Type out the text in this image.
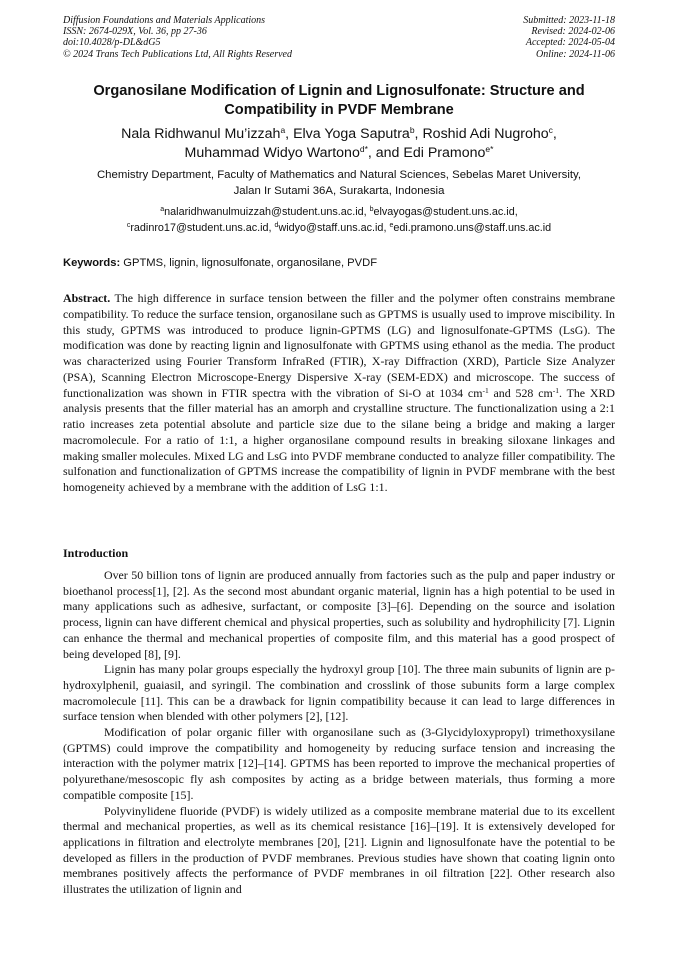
Diffusion Foundations and Materials Applications
ISSN: 2674-029X, Vol. 36, pp 27-36
doi:10.4028/p-DL&dG5
© 2024 Trans Tech Publications Ltd, All Rights Reserved
Submitted: 2023-11-18
Revised: 2024-02-06
Accepted: 2024-05-04
Online: 2024-11-06
Organosilane Modification of Lignin and Lignosulfonate: Structure and Compatibility in PVDF Membrane
Nala Ridhwanul Mu’izzah$^a$, Elva Yoga Saputra$^b$, Roshid Adi Nugroho$^c$,
Muhammad Widyo Wartono$^{d*}$, and Edi Pramono$^{e*}$
Chemistry Department, Faculty of Mathematics and Natural Sciences, Sebelas Maret University,
Jalan Ir Sutami 36A, Surakarta, Indonesia
$^a$nalaridhwanulmuizzah@student.uns.ac.id, $^b$elvayogas@student.uns.ac.id,
$^c$radinro17@student.uns.ac.id, $^d$widyo@staff.uns.ac.id, $^e$edi.pramono.uns@staff.uns.ac.id
Keywords: GPTMS, lignin, lignosulfonate, organosilane, PVDF
Abstract. The high difference in surface tension between the filler and the polymer often constrains membrane compatibility. To reduce the surface tension, organosilane such as GPTMS is usually used to improve miscibility. In this study, GPTMS was introduced to produce lignin-GPTMS (LG) and lignosulfonate-GPTMS (LsG). The modification was done by reacting lignin and lignosulfonate with GPTMS using ethanol as the media. The product was characterized using Fourier Transform InfraRed (FTIR), X-ray Diffraction (XRD), Particle Size Analyzer (PSA), Scanning Electron Microscope-Energy Dispersive X-ray (SEM-EDX) and microscope. The success of functionalization was shown in FTIR spectra with the vibration of Si-O at 1034 $cm^{-1}$ and 528 $cm^{-1}$. The XRD analysis presents that the filler material has an amorph and crystalline structure. The functionalization using a 2:1 ratio increases zeta potential absolute and particle size due to the silane being a bridge and making a larger macromolecule. For a ratio of 1:1, a higher organosilane compound results in breaking siloxane linkages and making smaller molecules. Mixed LG and LsG into PVDF membrane conducted to analyze filler compatibility. The sulfonation and functionalization of GPTMS increase the compatibility of lignin in PVDF membrane with the best homogeneity achieved by a membrane with the addition of LsG 1:1.
Introduction

Over 50 billion tons of lignin are produced annually from factories such as the pulp and paper industry or bioethanol process[1], [2]. As the second most abundant organic material, lignin has a high potential to be used in many applications such as adhesive, surfactant, or composite [3]–[6]. Depending on the source and isolation process, lignin can have different chemical and physical properties, such as solubility and hydrophilicity [7]. Lignin can enhance the thermal and mechanical properties of composite film, and this material has a good prospect of being developed [8], [9].

Lignin has many polar groups especially the hydroxyl group [10]. The three main subunits of lignin are p-hydroxylphenil, guaiasil, and syringil. The combination and crosslink of those subunits form a large complex macromolecule [11]. This can be a drawback for lignin compatibility because it can lead to large differences in surface tension when blended with other polymers [2], [12].

Modification of polar organic filler with organosilane such as (3-Glycidyloxypropyl) trimethoxysilane (GPTMS) could improve the compatibility and homogeneity by reducing surface tension and increasing the interaction with the polymer matrix [12]–[14]. GPTMS has been reported to improve the mechanical properties of polyurethane/mesoscopic fly ash composites by acting as a bridge between materials, thus forming a more compatible composite [15].

Polyvinylidene fluoride (PVDF) is widely utilized as a composite membrane material due to its excellent thermal and mechanical properties, as well as its chemical resistance [16]–[19]. It is extensively developed for applications in filtration and electrolyte membranes [20], [21]. Lignin and lignosulfonate have the potential to be developed as fillers in the production of PVDF membranes. Previous studies have shown that coating lignin onto membranes positively affects the performance of PVDF membranes in oil filtration [22]. Other research also illustrates the utilization of lignin and
